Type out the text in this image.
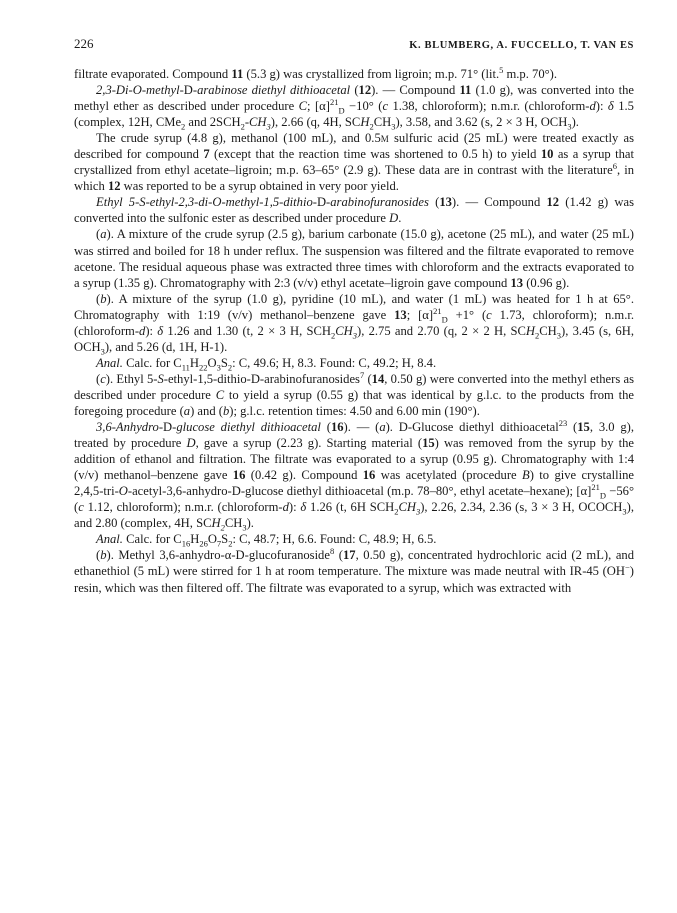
226	K. BLUMBERG, A. FUCCELLO, T. VAN ES

filtrate evaporated. Compound 11 (5.3 g) was crystallized from ligroin; m.p. 71° (lit.$^5$ m.p. 70°).

2,3-Di-O-methyl-D-arabinose diethyl dithioacetal (12). — Compound 11 (1.0 g), was converted into the methyl ether as described under procedure C; $[\alpha]^{21}_D -10^\circ$ (c 1.38, chloroform); n.m.r. (chloroform-d): δ 1.5 (complex, 12H, CMe$_2$ and $2SCH_2-CH_3$), 2.66 (q, 4H, $SCH_2CH_3$), 3.58, and 3.62 (s, 2 × 3 H, $OCH_3$).

The crude syrup (4.8 g), methanol (100 mL), and 0.5m sulfuric acid (25 mL) were treated exactly as described for compound 7 (except that the reaction time was shortened to 0.5 h) to yield 10 as a syrup that crystallized from ethyl acetate–ligroin; m.p. 63–65° (2.9 g). These data are in contrast with the literature$^6$, in which 12 was reported to be a syrup obtained in very poor yield.

Ethyl 5-S-ethyl-2,3-di-O-methyl-1,5-dithio-D-arabinofuranosides (13). — Compound 12 (1.42 g) was converted into the sulfonic ester as described under procedure D.

(a). A mixture of the crude syrup (2.5 g), barium carbonate (15.0 g), acetone (25 mL), and water (25 mL) was stirred and boiled for 18 h under reflux. The suspension was filtered and the filtrate evaporated to remove acetone. The residual aqueous phase was extracted three times with chloroform and the extracts evaporated to a syrup (1.35 g). Chromatography with 2:3 (v/v) ethyl acetate–ligroin gave compound 13 (0.96 g).

(b). A mixture of the syrup (1.0 g), pyridine (10 mL), and water (1 mL) was heated for 1 h at 65°. Chromatography with 1:19 (v/v) methanol–benzene gave 13; $[\alpha]^{21}_D +1^\circ$ (c 1.73, chloroform); n.m.r. (chloroform-d): δ 1.26 and 1.30 (t, 2 × 3 H, $SCH_2CH_3$), 2.75 and 2.70 (q, 2 × 2 H, $SCH_2CH_3$), 3.45 (s, 6H, $OCH_3$), and 5.26 (d, 1H, H-1).

Anal. Calc. for $C_{11}H_{22}O_3S_2$: C, 49.6; H, 8.3. Found: C, 49.2; H, 8.4.

(c). Ethyl 5-S-ethyl-1,5-dithio-D-arabinofuranosides$^7$ (14, 0.50 g) were converted into the methyl ethers as described under procedure C to yield a syrup (0.55 g) that was identical by g.l.c. to the products from the foregoing procedure (a) and (b); g.l.c. retention times: 4.50 and 6.00 min (190°).

3,6-Anhydro-D-glucose diethyl dithioacetal (16). — (a). D-Glucose diethyl dithioacetal$^{23}$ (15, 3.0 g), treated by procedure D, gave a syrup (2.23 g). Starting material (15) was removed from the syrup by the addition of ethanol and filtration. The filtrate was evaporated to a syrup (0.95 g). Chromatography with 1:4 (v/v) methanol–benzene gave 16 (0.42 g). Compound 16 was acetylated (procedure B) to give crystalline 2,4,5-tri-O-acetyl-3,6-anhydro-D-glucose diethyl dithioacetal (m.p. 78–80°, ethyl acetate–hexane); $[\alpha]^{21}_D -56^\circ$ (c 1.12, chloroform); n.m.r. (chloroform-d): δ 1.26 (t, 6H $SCH_2CH_3$), 2.26, 2.34, 2.36 (s, 3 × 3 H, $OCOCH_3$), and 2.80 (complex, 4H, $SCH_2CH_3$).

Anal. Calc. for $C_{16}H_{26}O_7S_2$: C, 48.7; H, 6.6. Found: C, 48.9; H, 6.5.

(b). Methyl 3,6-anhydro-α-D-glucofuranoside$^8$ (17, 0.50 g), concentrated hydrochloric acid (2 mL), and ethanethiol (5 mL) were stirred for 1 h at room temperature. The mixture was made neutral with IR-45 (OH−) resin, which was then filtered off. The filtrate was evaporated to a syrup, which was extracted with
